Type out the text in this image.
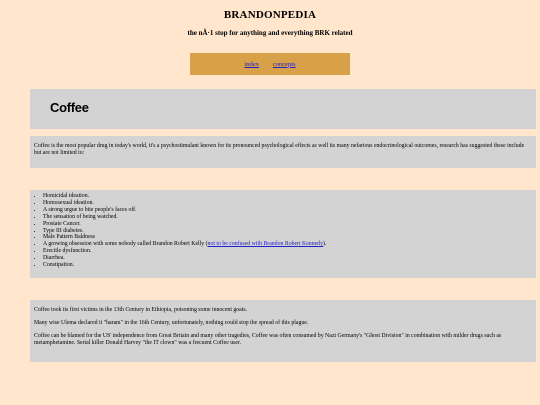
BRANDONPEDIA
the nÂ·1 stop for anything and everything BRK related
index concepts
Coffee
Coffee is the most popular drug in today's world, it's a psychostimulant known for its pronounced psychological effects as well its many nefarious endocrinological outcomes, research has suggested these include but are not limited to:
• Homicidal ideation.
• Homosexual ideation.
• A strong urgue to bite people's faces off.
• The sensation of being watched.
• Prostate Cancer.
• Type III diabetes.
• Male Pattern Baldness
• A growing obsession with some nobody called Brandon Robert Kelly (not to be confused with Brandon Robert Kennedy).
• Erectile dysfunction.
• Diarrhea.
• Constipation.

Coffee took its first victims in the 13th Century in Ethiopia, poisoning some innocent goats.

Many wise Ulema declared it "haram" in the 16th Century, unfortunately, nothing could stop the spread of this plague.

Coffee can be blamed for the US' independence from Great Britain and many other tragedies, Coffee was often consumed by Nazi Germany's "Ghost Division" in combination with milder drugs such as metamphetamine. Serial killer Donald Harvey "the IT clown" was a frecuent Coffee user.
